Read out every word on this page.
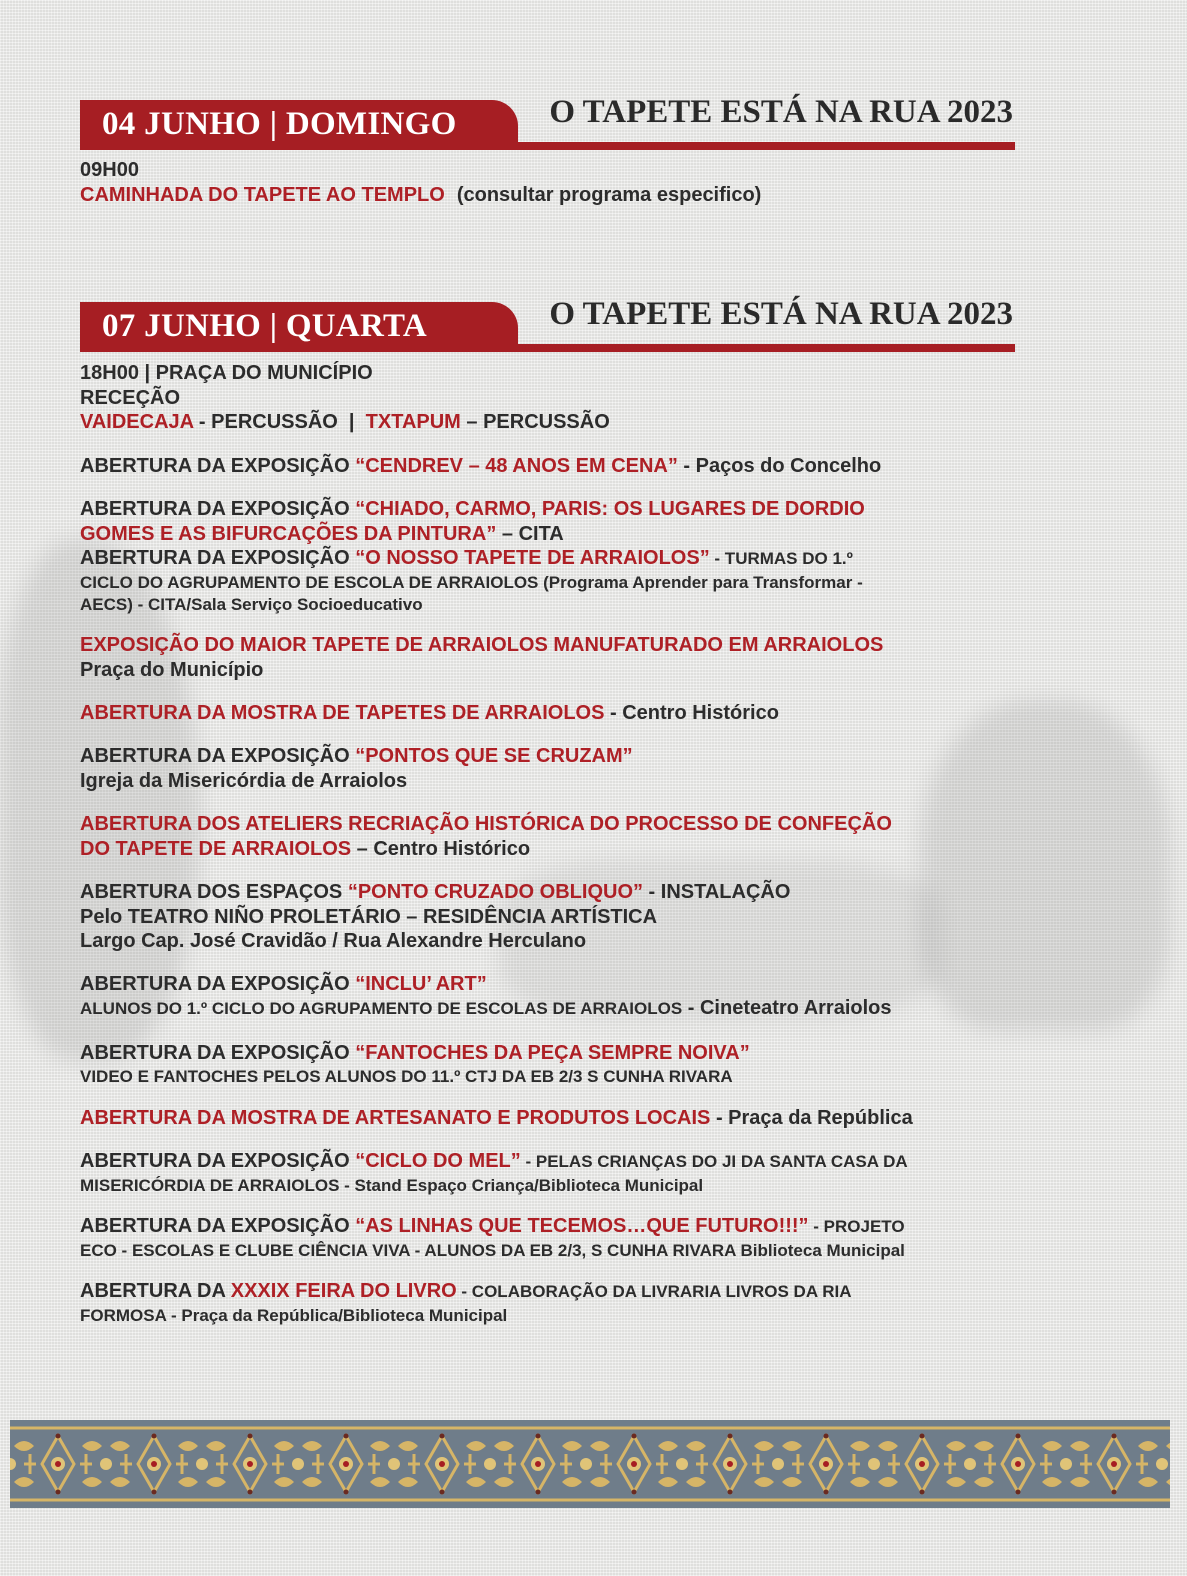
04 JUNHO | DOMINGO	O TAPETE ESTÁ NA RUA 2023
09H00
CAMINHADA DO TAPETE AO TEMPLO (consultar programa especifico)
07 JUNHO | QUARTA	O TAPETE ESTÁ NA RUA 2023
18H00 | PRAÇA DO MUNICÍPIO
RECEÇÃO
VAIDECAJA - PERCUSSÃO  |  TXTAPUM – PERCUSSÃO
ABERTURA DA EXPOSIÇÃO “CENDREV – 48 ANOS EM CENA” - Paços do Concelho
ABERTURA DA EXPOSIÇÃO “CHIADO, CARMO, PARIS: OS LUGARES DE DORDIO
GOMES E AS BIFURCAÇÕES DA PINTURA” – CITA
ABERTURA DA EXPOSIÇÃO “O NOSSO TAPETE DE ARRAIOLOS” - TURMAS DO 1.º
CICLO DO AGRUPAMENTO DE ESCOLA DE ARRAIOLOS (Programa Aprender para Transformar -
AECS) - CITA/Sala Serviço Socioeducativo
EXPOSIÇÃO DO MAIOR TAPETE DE ARRAIOLOS MANUFATURADO EM ARRAIOLOS
Praça do Município
ABERTURA DA MOSTRA DE TAPETES DE ARRAIOLOS - Centro Histórico
ABERTURA DA EXPOSIÇÃO “PONTOS QUE SE CRUZAM”
Igreja da Misericórdia de Arraiolos
ABERTURA DOS ATELIERS RECRIAÇÃO HISTÓRICA DO PROCESSO DE CONFEÇÃO
DO TAPETE DE ARRAIOLOS – Centro Histórico
ABERTURA DOS ESPAÇOS “PONTO CRUZADO OBLIQUO” - INSTALAÇÃO
Pelo TEATRO NIÑO PROLETÁRIO – RESIDÊNCIA ARTÍSTICA
Largo Cap. José Cravidão / Rua Alexandre Herculano
ABERTURA DA EXPOSIÇÃO “INCLU’ ART”
ALUNOS DO 1.º CICLO DO AGRUPAMENTO DE ESCOLAS DE ARRAIOLOS - Cineteatro Arraiolos
ABERTURA DA EXPOSIÇÃO “FANTOCHES DA PEÇA SEMPRE NOIVA”
VIDEO E FANTOCHES PELOS ALUNOS DO 11.º CTJ DA EB 2/3 S CUNHA RIVARA
ABERTURA DA MOSTRA DE ARTESANATO E PRODUTOS LOCAIS - Praça da República
ABERTURA DA EXPOSIÇÃO “CICLO DO MEL” - PELAS CRIANÇAS DO JI DA SANTA CASA DA
MISERICÓRDIA DE ARRAIOLOS - Stand Espaço Criança/Biblioteca Municipal
ABERTURA DA EXPOSIÇÃO “AS LINHAS QUE TECEMOS…QUE FUTURO!!!” - PROJETO
ECO - ESCOLAS E CLUBE CIÊNCIA VIVA - ALUNOS DA EB 2/3, S CUNHA RIVARA Biblioteca Municipal
ABERTURA DA XXXIX FEIRA DO LIVRO - COLABORAÇÃO DA LIVRARIA LIVROS DA RIA
FORMOSA - Praça da República/Biblioteca Municipal
